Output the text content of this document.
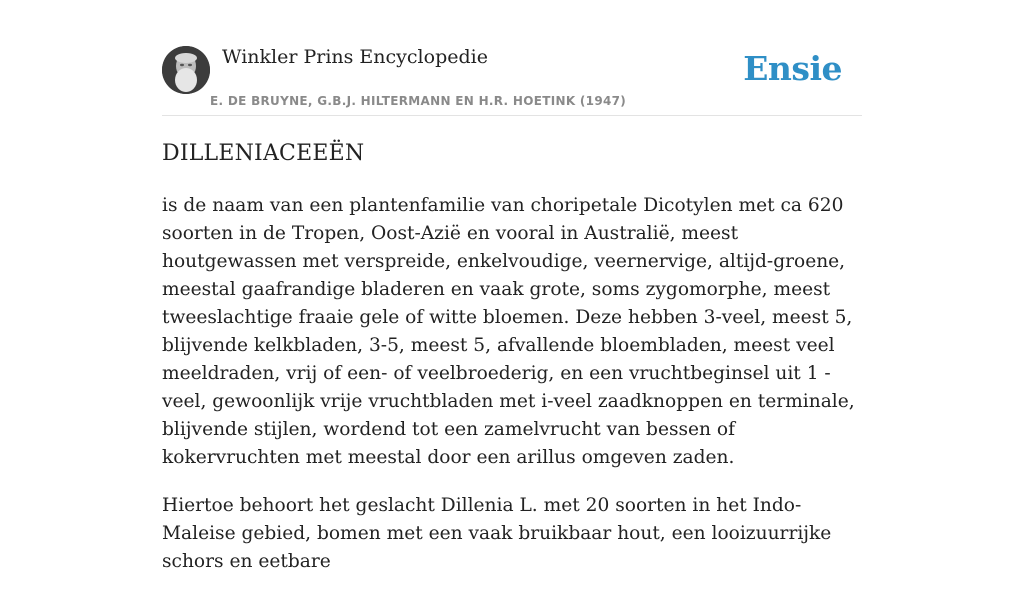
Winkler Prins Encyclopedie
E. DE BRUYNE, G.B.J. HILTERMANN EN H.R. HOETINK (1947)
Ensie
DILLENIACEEËN

is de naam van een plantenfamilie van choripetale Dicotylen met ca 620 soorten in de Tropen, Oost-Azië en vooral in Australië, meest houtgewassen met verspreide, enkelvoudige, veernervige, altijd-groene, meestal gaafrandige bladeren en vaak grote, soms zygomorphe, meest tweeslachtige fraaie gele of witte bloemen. Deze hebben 3-veel, meest 5, blijvende kelkbladen, 3-5, meest 5, afvallende bloembladen, meest veel meeldraden, vrij of een- of veelbroederig, en een vruchtbeginsel uit 1 -veel, gewoonlijk vrije vruchtbladen met i-veel zaadknoppen en terminale, blijvende stijlen, wordend tot een zamelvrucht van bessen of kokervruchten met meestal door een arillus omgeven zaden.

Hiertoe behoort het geslacht Dillenia L. met 20 soorten in het Indo-Maleise gebied, bomen met een vaak bruikbaar hout, een looizuurrijke schors en eetbare
